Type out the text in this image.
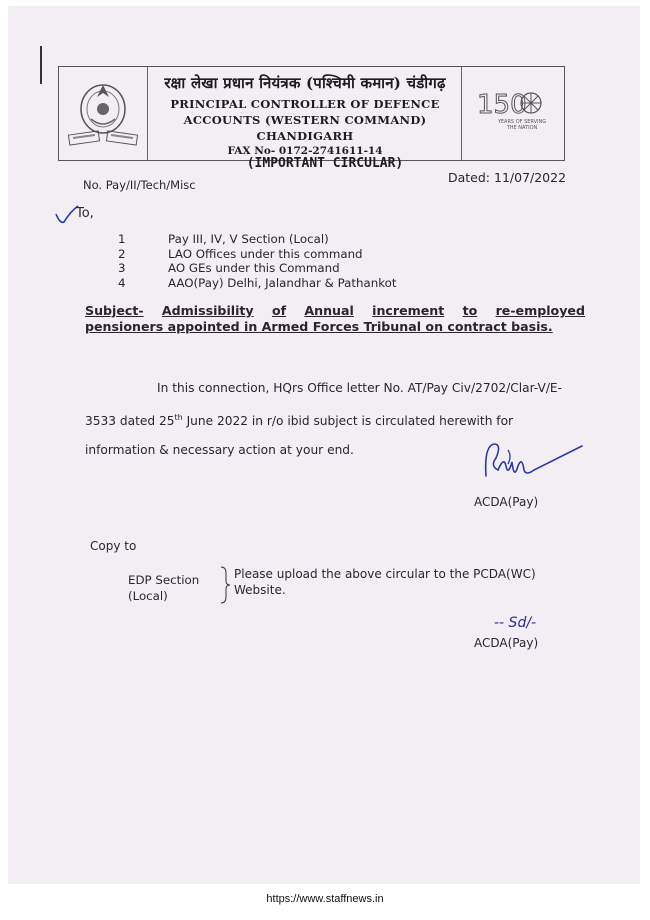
रक्षा लेखा प्रधान नियंत्रक (पश्चिमी कमान) चंडीगढ़
PRINCIPAL CONTROLLER OF DEFENCE
ACCOUNTS (WESTERN COMMAND)
CHANDIGARH
FAX No- 0172-2741611-14
150
YEARS OF SERVING THE NATION
(IMPORTANT CIRCULAR)
No. Pay/II/Tech/Misc	Dated: 11/07/2022
To,
1	Pay III, IV, V Section (Local)
2	LAO Offices under this command
3	AO GEs under this Command
4	AAO(Pay) Delhi, Jalandhar & Pathankot
Subject- Admissibility of Annual increment to re-employed
pensioners appointed in Armed Forces Tribunal on contract basis.
In this connection, HQrs Office letter No. AT/Pay Civ/2702/Clar-V/E-3533 dated 25th June 2022 in r/o ibid subject is circulated herewith for information & necessary action at your end.
ACDA(Pay)
Copy to
EDP Section
(Local)
Please upload the above circular to the PCDA(WC) Website.
-- Sd/-
ACDA(Pay)
https://www.staffnews.in
